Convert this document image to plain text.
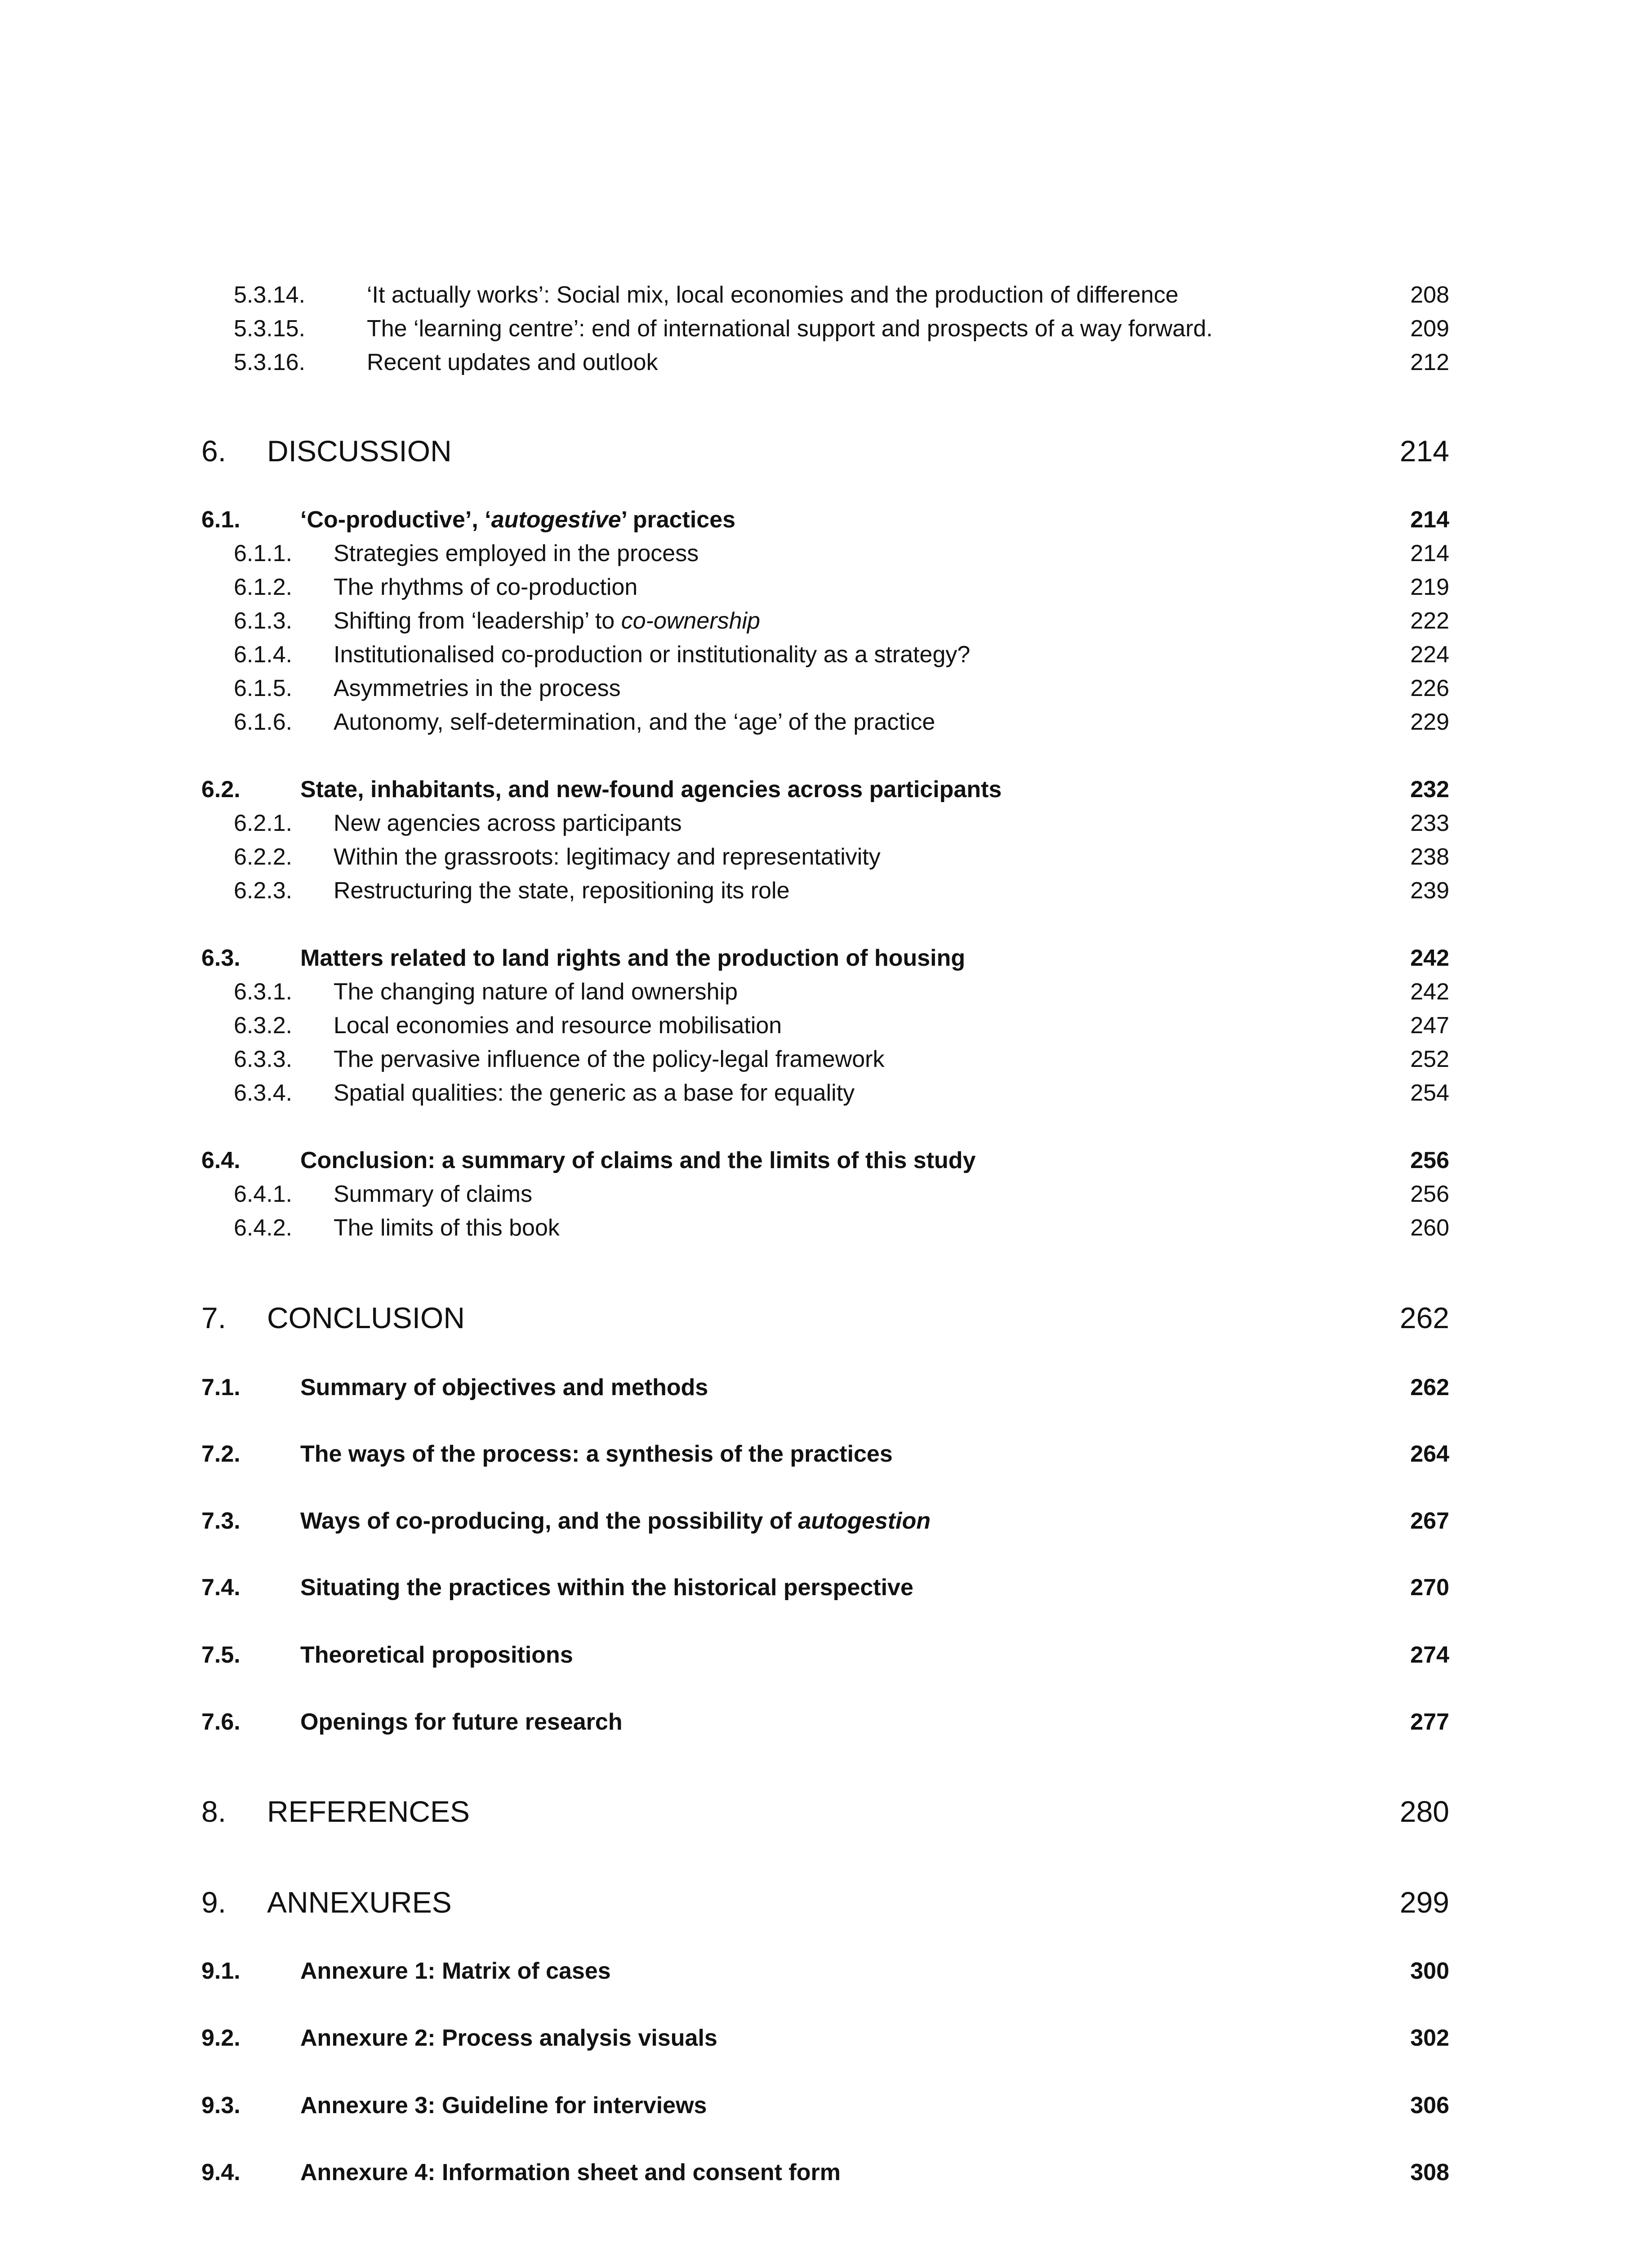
5.3.14.	‘It actually works’: Social mix, local economies and the production of difference	208
5.3.15.	The ‘learning centre’: end of international support and prospects of a way forward.	209
5.3.16.	Recent updates and outlook	212
6. DISCUSSION	214
6.1.	‘Co-productive’, ‘autogestive’ practices	214
6.1.1. Strategies employed in the process	214
6.1.2. The rhythms of co-production	219
6.1.3. Shifting from ‘leadership’ to co-ownership	222
6.1.4. Institutionalised co-production or institutionality as a strategy?	224
6.1.5. Asymmetries in the process	226
6.1.6. Autonomy, self-determination, and the ‘age’ of the practice	229
6.2.	State, inhabitants, and new-found agencies across participants	232
6.2.1. New agencies across participants	233
6.2.2. Within the grassroots: legitimacy and representativity	238
6.2.3. Restructuring the state, repositioning its role	239
6.3.	Matters related to land rights and the production of housing	242
6.3.1. The changing nature of land ownership	242
6.3.2. Local economies and resource mobilisation	247
6.3.3. The pervasive influence of the policy-legal framework	252
6.3.4. Spatial qualities: the generic as a base for equality	254
6.4.	Conclusion: a summary of claims and the limits of this study	256
6.4.1. Summary of claims	256
6.4.2. The limits of this book	260
7. CONCLUSION	262
7.1.	Summary of objectives and methods	262
7.2.	The ways of the process: a synthesis of the practices	264
7.3.	Ways of co-producing, and the possibility of autogestion	267
7.4.	Situating the practices within the historical perspective	270
7.5.	Theoretical propositions	274
7.6.	Openings for future research	277
8. REFERENCES	280
9. ANNEXURES	299
9.1.	Annexure 1: Matrix of cases	300
9.2.	Annexure 2: Process analysis visuals	302
9.3.	Annexure 3: Guideline for interviews	306
9.4.	Annexure 4: Information sheet and consent form	308
